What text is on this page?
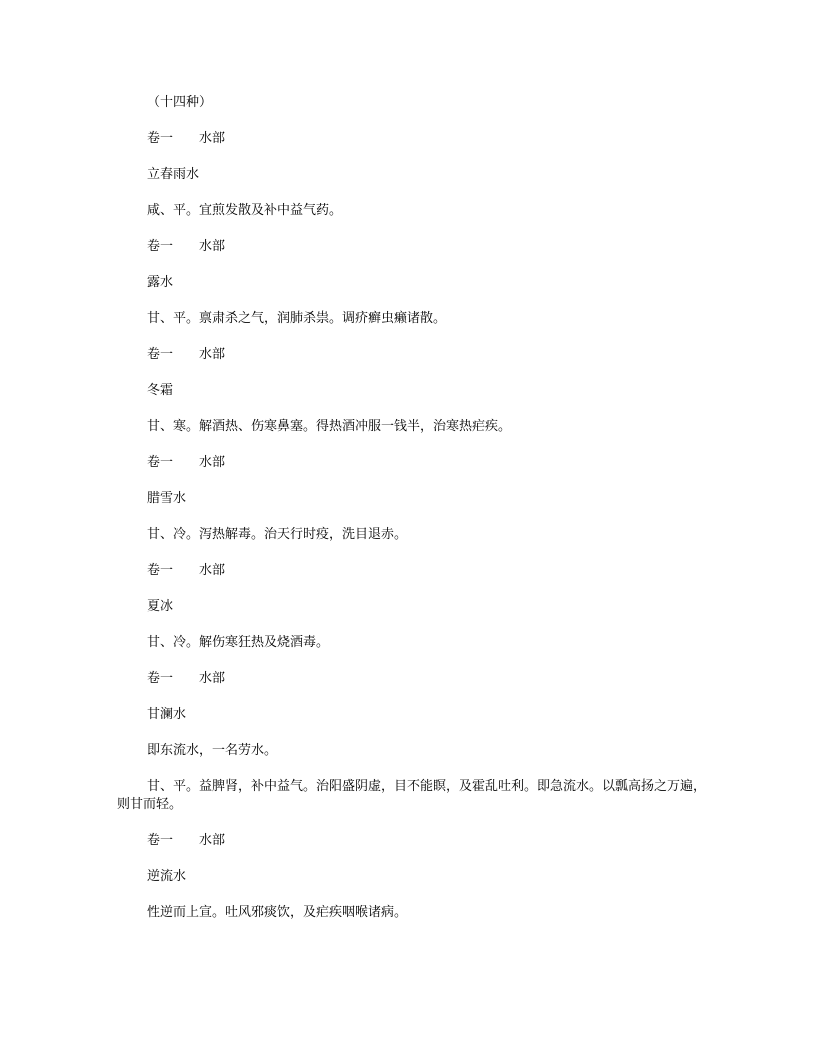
（十四种）

卷一 水部

立春雨水

咸、平。宜煎发散及补中益气药。

卷一 水部

露水

甘、平。禀肃杀之气，润肺杀祟。调疥癣虫癞诸散。

卷一 水部

冬霜

甘、寒。解酒热、伤寒鼻塞。得热酒冲服一钱半，治寒热疟疾。

卷一 水部

腊雪水

甘、冷。泻热解毒。治天行时疫，洗目退赤。

卷一 水部

夏冰

甘、冷。解伤寒狂热及烧酒毒。

卷一 水部

甘澜水

即东流水，一名劳水。

甘、平。益脾肾，补中益气。治阳盛阴虚，目不能瞑，及霍乱吐利。即急流水。以瓢高扬之万遍，则甘而轻。

卷一 水部

逆流水

性逆而上宣。吐风邪痰饮，及疟疾咽喉诸病。
